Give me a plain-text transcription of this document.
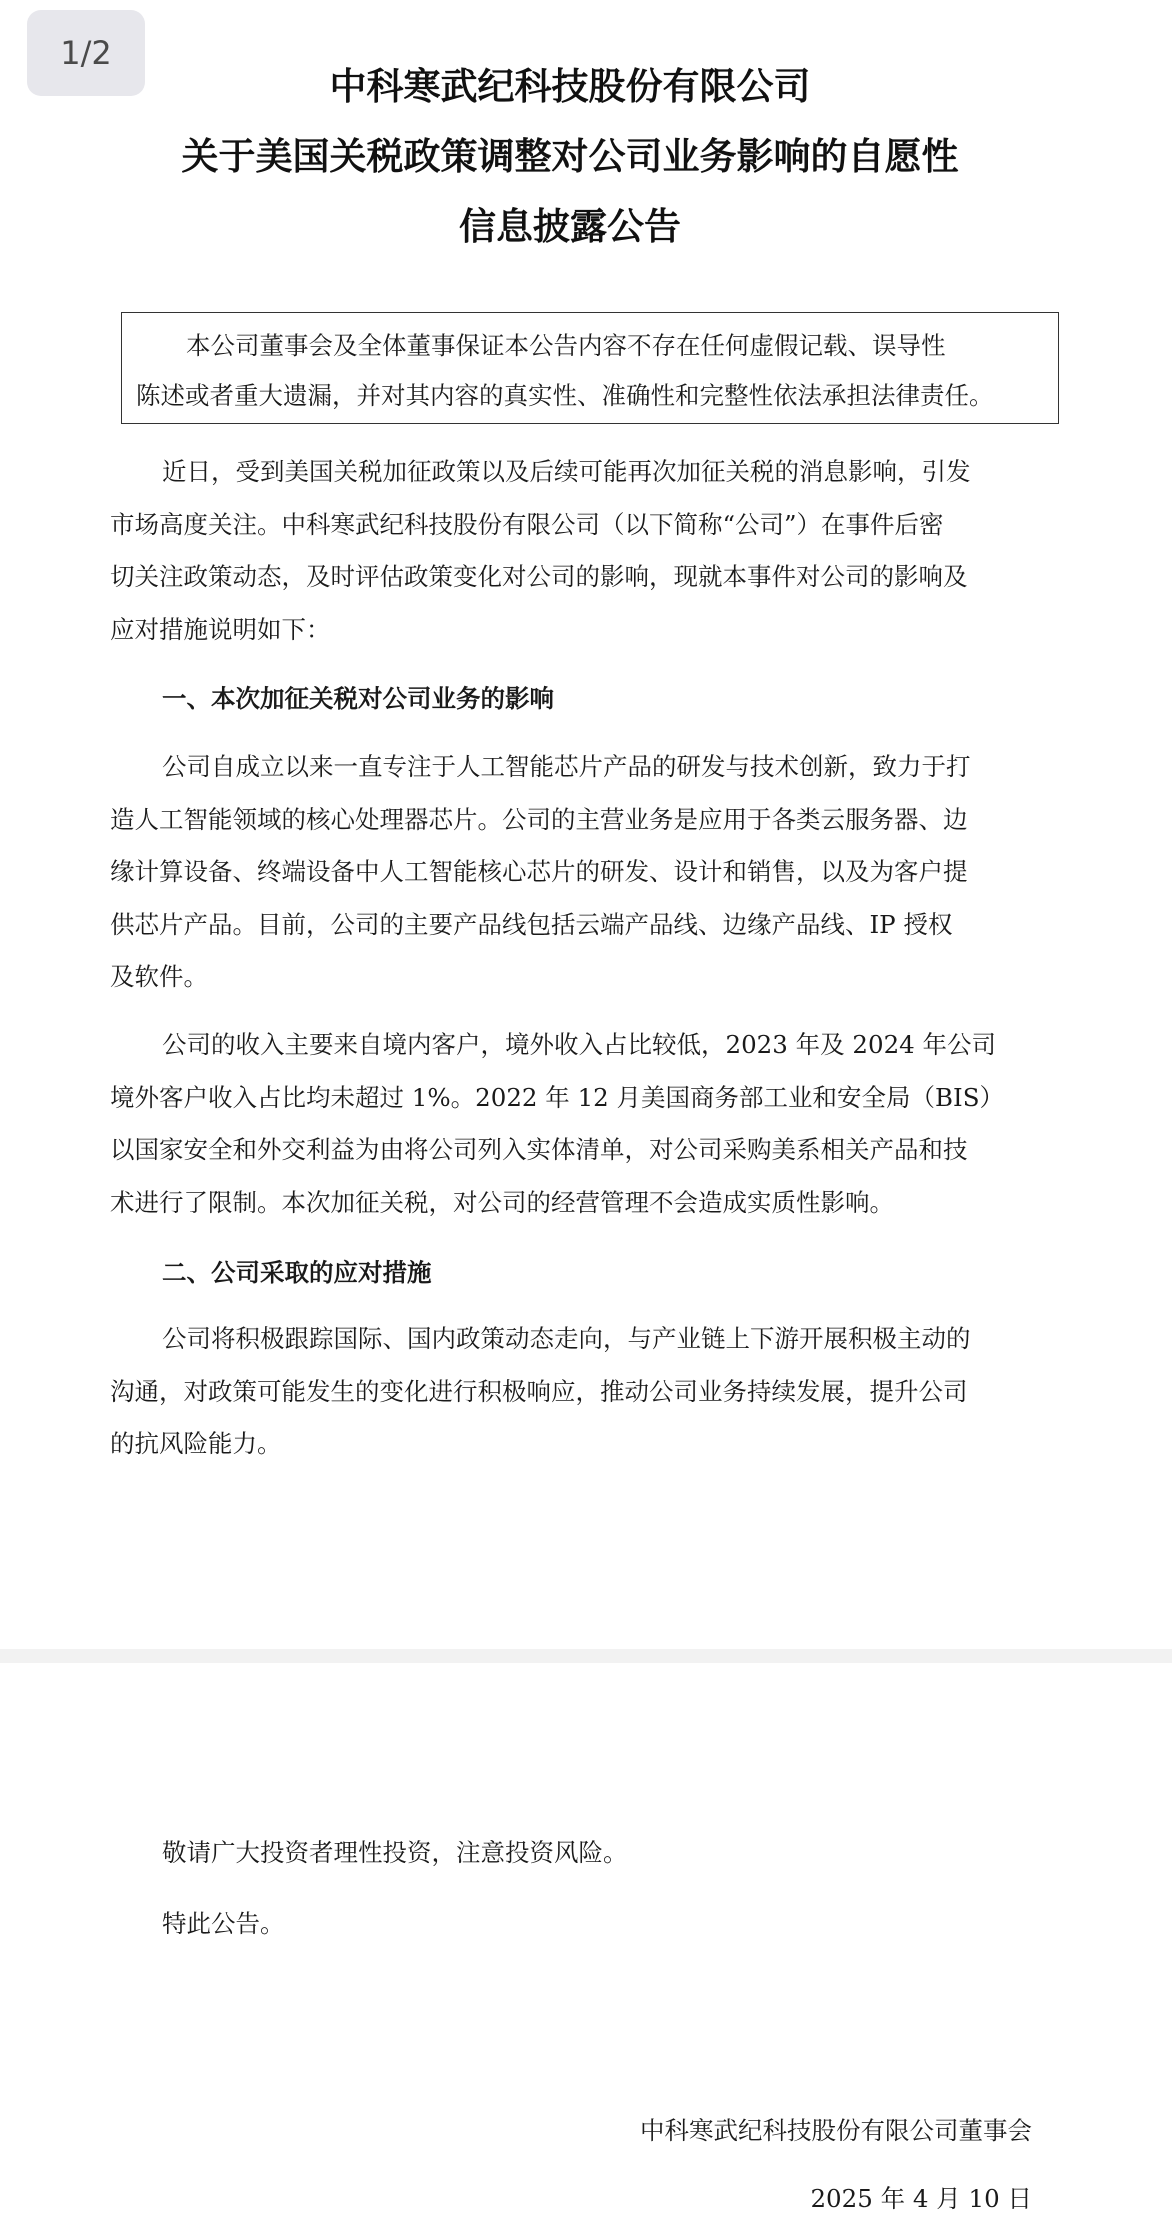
1/2
中科寒武纪科技股份有限公司
关于美国关税政策调整对公司业务影响的自愿性
信息披露公告
本公司董事会及全体董事保证本公告内容不存在任何虚假记载、误导性
陈述或者重大遗漏，并对其内容的真实性、准确性和完整性依法承担法律责任。
近日，受到美国关税加征政策以及后续可能再次加征关税的消息影响，引发
市场高度关注。中科寒武纪科技股份有限公司（以下简称“公司”）在事件后密
切关注政策动态，及时评估政策变化对公司的影响，现就本事件对公司的影响及
应对措施说明如下：
一、本次加征关税对公司业务的影响
公司自成立以来一直专注于人工智能芯片产品的研发与技术创新，致力于打
造人工智能领域的核心处理器芯片。公司的主营业务是应用于各类云服务器、边
缘计算设备、终端设备中人工智能核心芯片的研发、设计和销售，以及为客户提
供芯片产品。目前，公司的主要产品线包括云端产品线、边缘产品线、IP 授权
及软件。
公司的收入主要来自境内客户，境外收入占比较低，2023 年及 2024 年公司
境外客户收入占比均未超过 1%。2022 年 12 月美国商务部工业和安全局（BIS）
以国家安全和外交利益为由将公司列入实体清单，对公司采购美系相关产品和技
术进行了限制。本次加征关税，对公司的经营管理不会造成实质性影响。
二、公司采取的应对措施
公司将积极跟踪国际、国内政策动态走向，与产业链上下游开展积极主动的
沟通，对政策可能发生的变化进行积极响应，推动公司业务持续发展，提升公司
的抗风险能力。
敬请广大投资者理性投资，注意投资风险。
特此公告。
中科寒武纪科技股份有限公司董事会
2025 年 4 月 10 日
